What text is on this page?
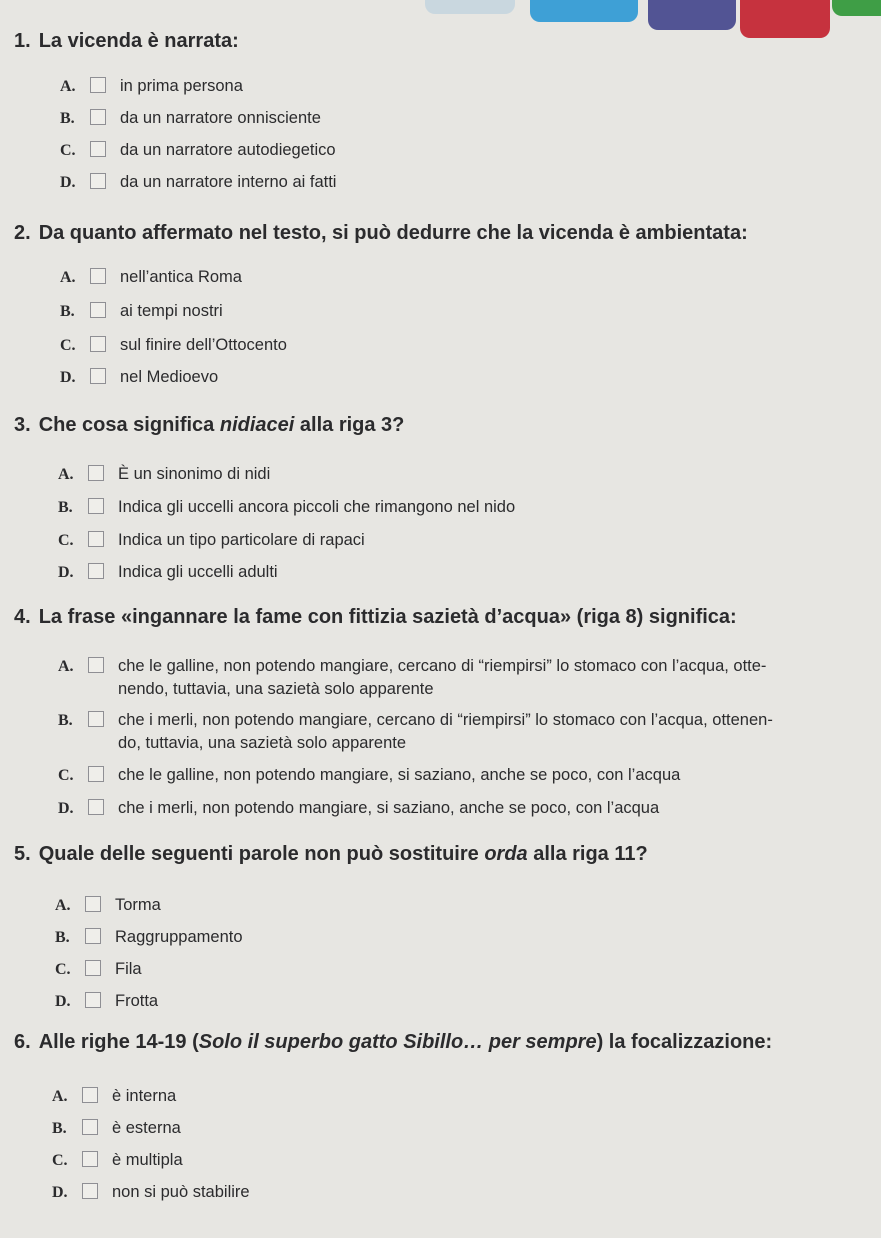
1. La vicenda è narrata:
A.	in prima persona
B.	da un narratore onnisciente
C.	da un narratore autodiegetico
D.	da un narratore interno ai fatti
2. Da quanto affermato nel testo, si può dedurre che la vicenda è ambientata:
A.	nell’antica Roma
B.	ai tempi nostri
C.	sul finire dell’Ottocento
D.	nel Medioevo
3. Che cosa significa nidiacei alla riga 3?
A.	È un sinonimo di nidi
B.	Indica gli uccelli ancora piccoli che rimangono nel nido
C.	Indica un tipo particolare di rapaci
D.	Indica gli uccelli adulti
4. La frase «ingannare la fame con fittizia sazietà d’acqua» (riga 8) significa:
A.	che le galline, non potendo mangiare, cercano di “riempirsi” lo stomaco con l’acqua, otte-
nendo, tuttavia, una sazietà solo apparente
B.	che i merli, non potendo mangiare, cercano di “riempirsi” lo stomaco con l’acqua, ottenen-
do, tuttavia, una sazietà solo apparente
C.	che le galline, non potendo mangiare, si saziano, anche se poco, con l’acqua
D.	che i merli, non potendo mangiare, si saziano, anche se poco, con l’acqua
5. Quale delle seguenti parole non può sostituire orda alla riga 11?
A.	Torma
B.	Raggruppamento
C.	Fila
D.	Frotta
6. Alle righe 14-19 (Solo il superbo gatto Sibillo… per sempre) la focalizzazione:
A.	è interna
B.	è esterna
C.	è multipla
D.	non si può stabilire
